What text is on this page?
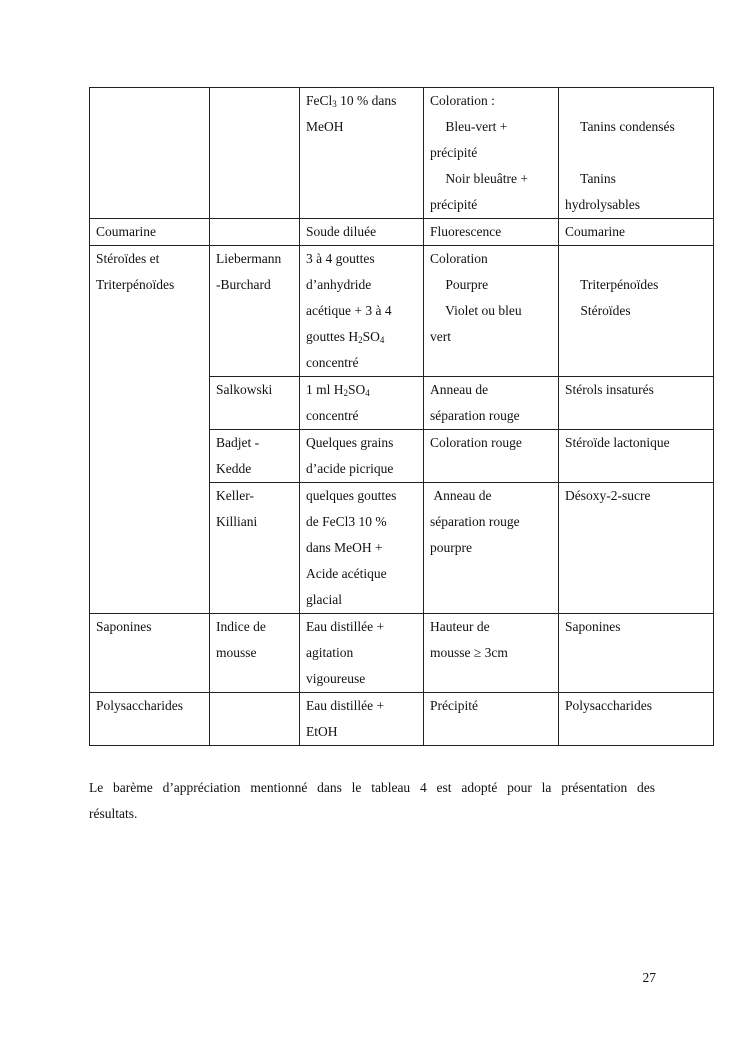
		FeCl$_3$ 10 % dans
MeOH	Coloration :
Bleu-vert +
précipité
Noir bleuâtre +
précipité	Tanins condensés
Tanins
hydrolysables

Coumarine		Soude diluée	Fluorescence	Coumarine

Stéroïdes et
Triterpénoïdes	Liebermann
-Burchard	3 à 4 gouttes
d’anhydride
acétique + 3 à 4
gouttes $H_2SO_4$
concentré	Coloration
Pourpre
Violet ou bleu
vert	Triterpénoïdes
Stéroïdes

	Salkowski	1 ml $H_2SO_4$
concentré	Anneau de
séparation rouge	Stérols insaturés

	Badjet -
Kedde	Quelques grains
d’acide picrique	Coloration rouge	Stéroïde lactonique

	Keller-
Killiani	quelques gouttes
de FeCl3 10 %
dans MeOH +
Acide acétique
glacial	Anneau de
séparation rouge
pourpre	Désoxy-2-sucre

Saponines	Indice de
mousse	Eau distillée +
agitation
vigoureuse	Hauteur de
mousse ≥ 3cm	Saponines

Polysaccharides		Eau distillée +
EtOH	Précipité	Polysaccharides
Le barème d’appréciation mentionné dans le tableau 4 est adopté pour la présentation des
résultats.
27
